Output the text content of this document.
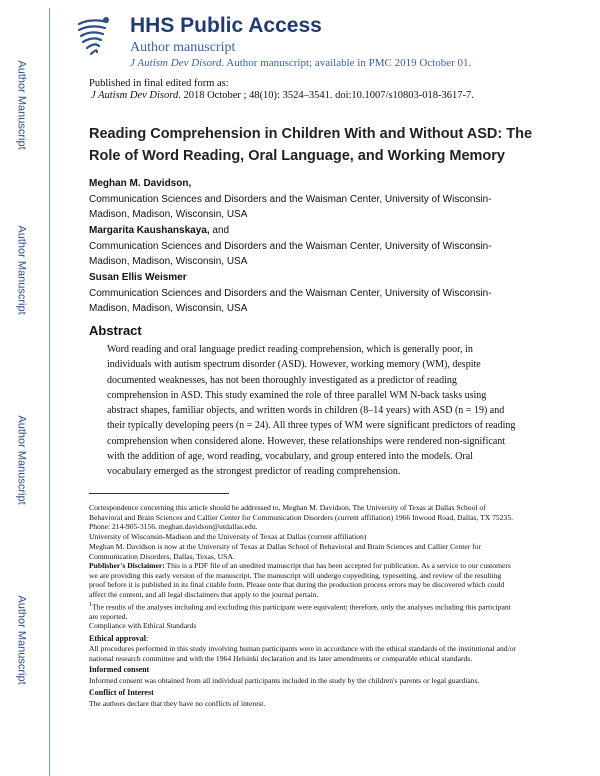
Author Manuscript
Author Manuscript
Author Manuscript
Author Manuscript
HHS Public Access
Author manuscript
J Autism Dev Disord. Author manuscript; available in PMC 2019 October 01.
Published in final edited form as:
J Autism Dev Disord. 2018 October ; 48(10): 3524–3541. doi:10.1007/s10803-018-3617-7.
Reading Comprehension in Children With and Without ASD: The Role of Word Reading, Oral Language, and Working Memory
Meghan M. Davidson,
Communication Sciences and Disorders and the Waisman Center, University of Wisconsin-
Madison, Madison, Wisconsin, USA
Margarita Kaushanskaya, and
Communication Sciences and Disorders and the Waisman Center, University of Wisconsin-
Madison, Madison, Wisconsin, USA
Susan Ellis Weismer
Communication Sciences and Disorders and the Waisman Center, University of Wisconsin-
Madison, Madison, Wisconsin, USA
Abstract
Word reading and oral language predict reading comprehension, which is generally poor, in individuals with autism spectrum disorder (ASD). However, working memory (WM), despite documented weaknesses, has not been thoroughly investigated as a predictor of reading comprehension in ASD. This study examined the role of three parallel WM N-back tasks using abstract shapes, familiar objects, and written words in children (8–14 years) with ASD (n = 19) and their typically developing peers (n = 24). All three types of WM were significant predictors of reading comprehension when considered alone. However, these relationships were rendered non-significant with the addition of age, word reading, vocabulary, and group entered into the models. Oral vocabulary emerged as the strongest predictor of reading comprehension.
Correspondence concerning this article should be addressed to, Meghan M. Davidson, The University of Texas at Dallas School of Behavioral and Brain Sciences and Callier Center for Communication Disorders (current affiliation) 1966 Inwood Road, Dallas, TX 75235. Phone: 214-905-3156. meghan.davidson@utdallas.edu.
University of Wisconsin-Madison and the University of Texas at Dallas (current affiliation)
Meghan M. Davidson is now at the University of Texas at Dallas School of Behavioral and Brain Sciences and Callier Center for Communication Disorders, Dallas, Texas, USA.
Publisher's Disclaimer: This is a PDF file of an unedited manuscript that has been accepted for publication. As a service to our customers we are providing this early version of the manuscript. The manuscript will undergo copyediting, typesetting, and review of the resulting proof before it is published in its final citable form. Please note that during the production process errors may be discovered which could affect the content, and all legal disclaimers that apply to the journal pertain.
$^1$The results of the analyses including and excluding this participant were equivalent; therefore, only the analyses including this participant are reported.
Compliance with Ethical Standards
Ethical approval:
All procedures performed in this study involving human participants were in accordance with the ethical standards of the institutional and/or national research committee and with the 1964 Helsinki declaration and its later amendments or comparable ethical standards.
Informed consent
Informed consent was obtained from all individual participants included in the study by the children's parents or legal guardians.
Conflict of Interest
The authors declare that they have no conflicts of interest.
